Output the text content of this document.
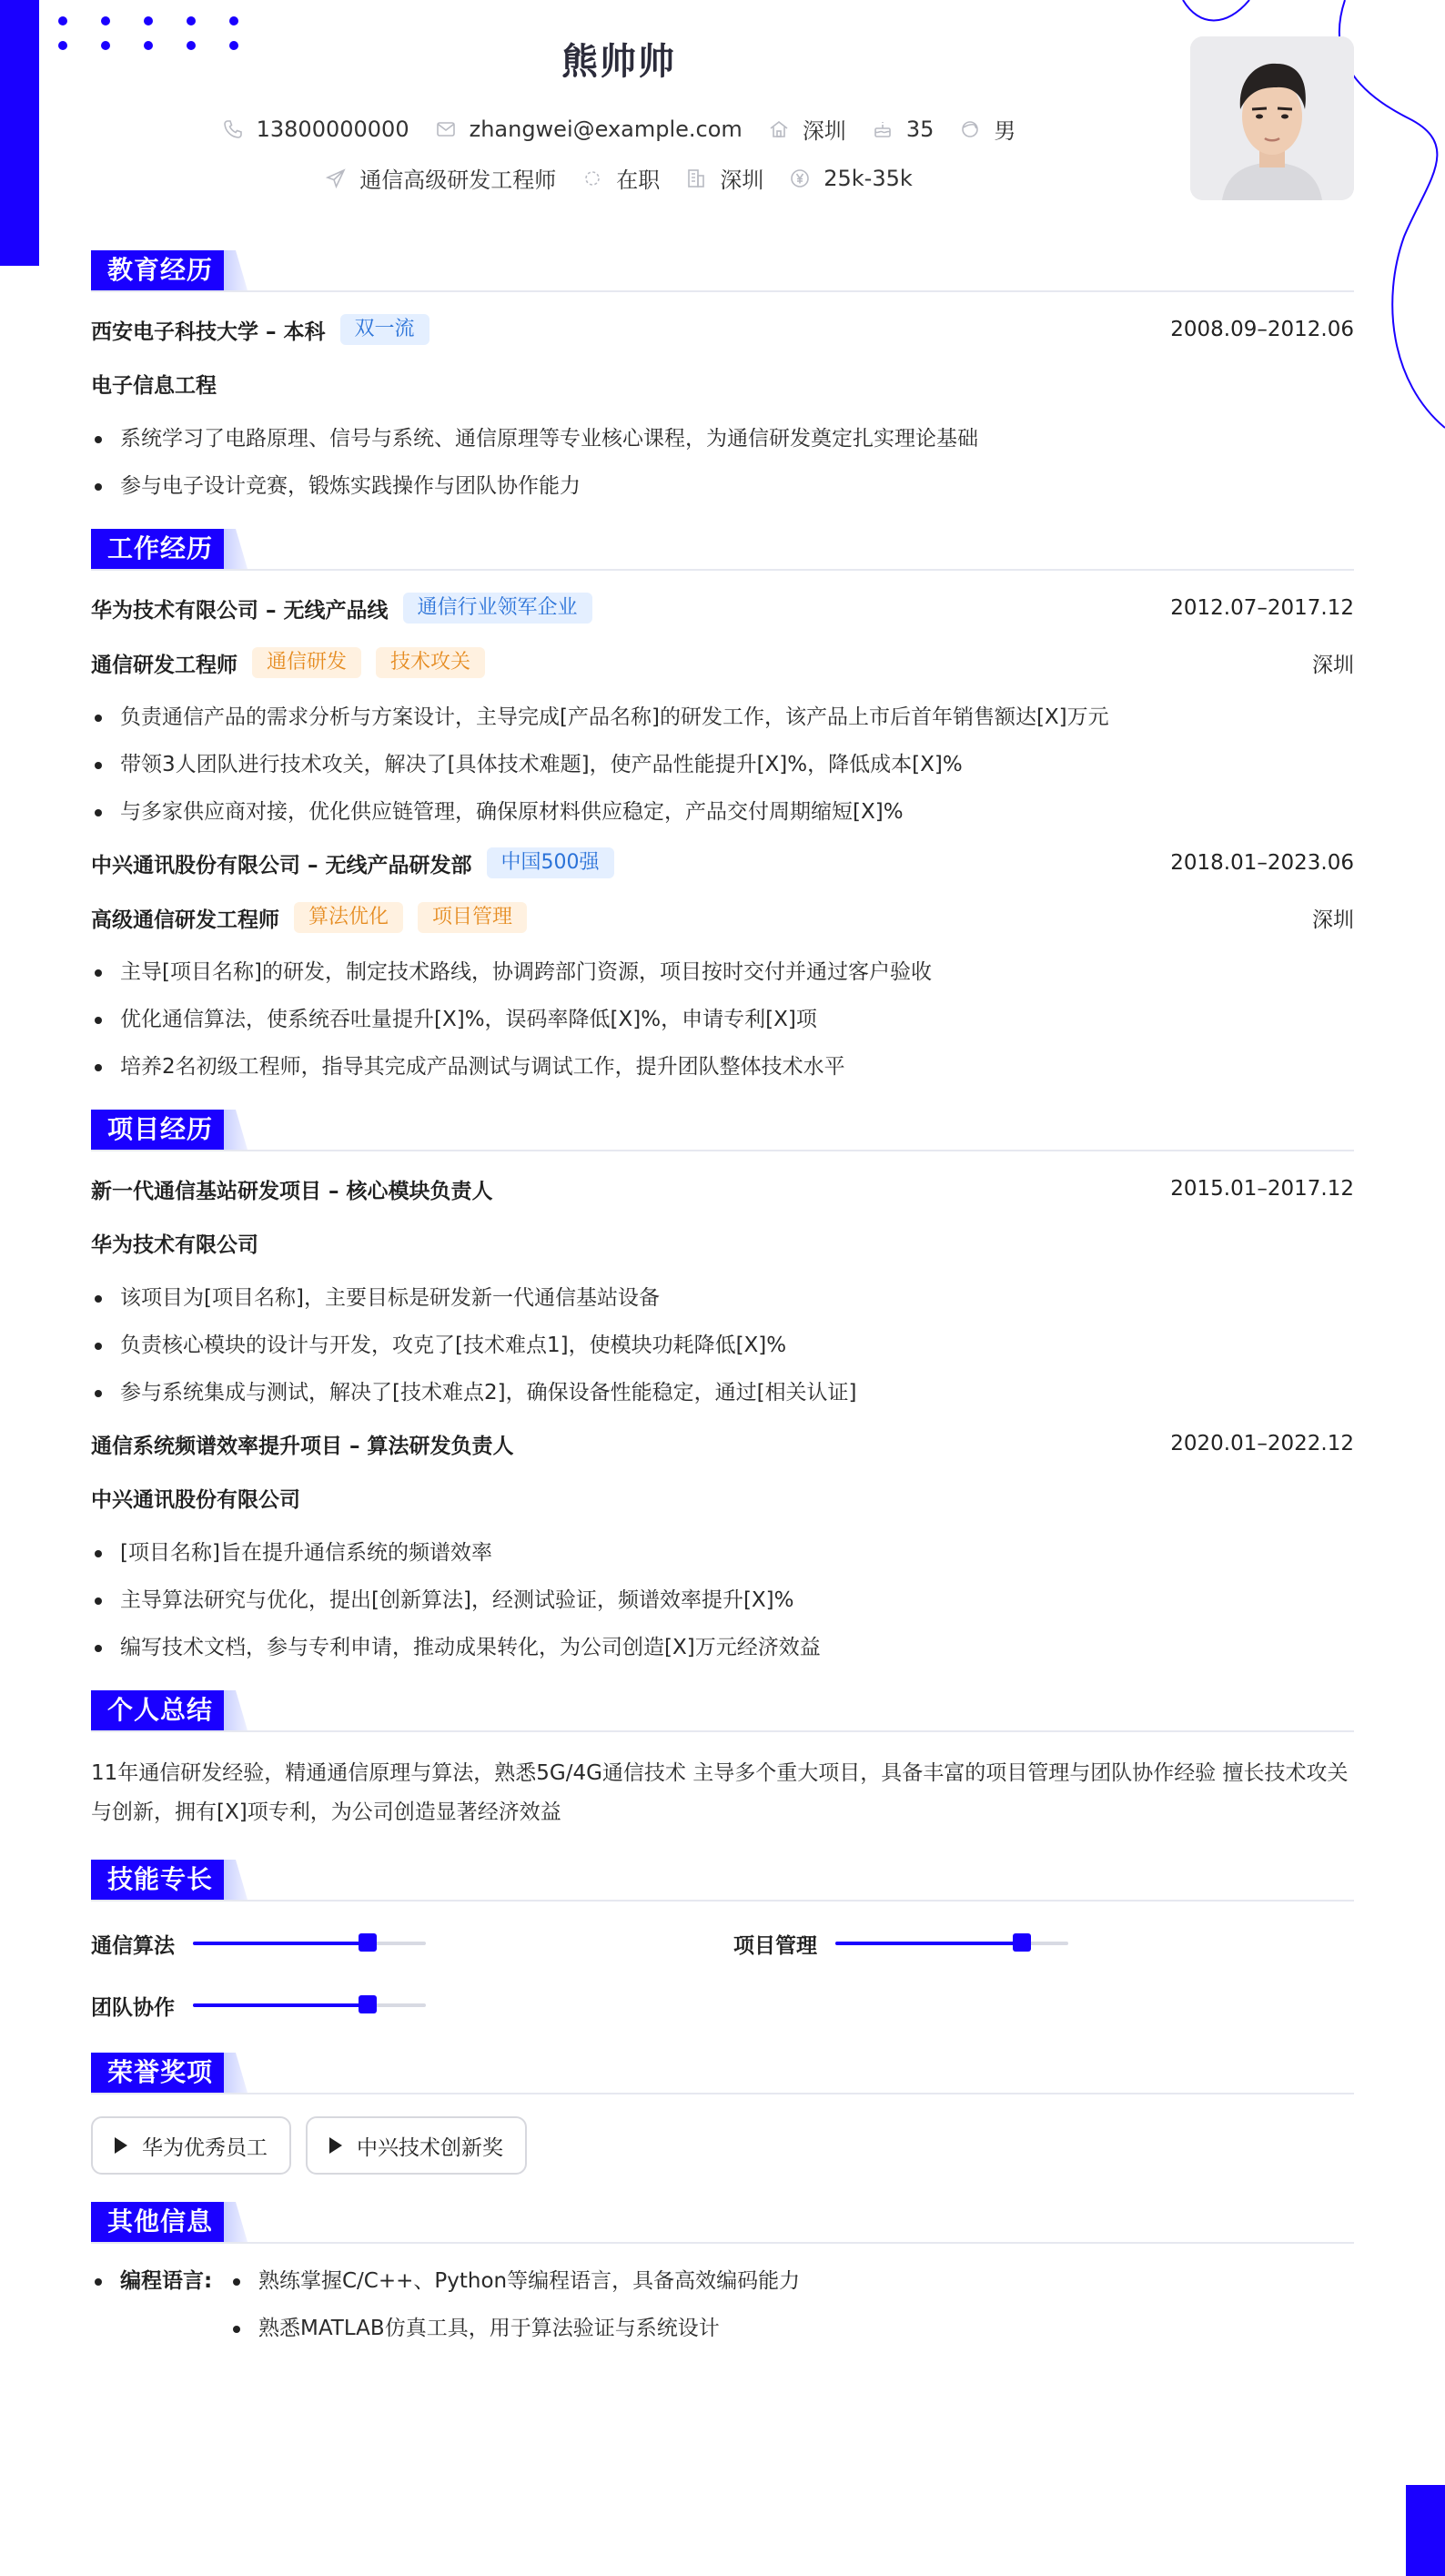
熊帅帅
13800000000	zhangwei@example.com	深圳	35	男
通信高级研发工程师	在职	深圳	25k-35k
教育经历
西安电子科技大学 – 本科	双一流	2008.09–2012.06
电子信息工程
系统学习了电路原理、信号与系统、通信原理等专业核心课程，为通信研发奠定扎实理论基础
参与电子设计竞赛，锻炼实践操作与团队协作能力
工作经历
华为技术有限公司 – 无线产品线	通信行业领军企业	2012.07–2017.12
通信研发工程师	通信研发	技术攻关	深圳
负责通信产品的需求分析与方案设计，主导完成[产品名称]的研发工作，该产品上市后首年销售额达[X]万元
带领3人团队进行技术攻关，解决了[具体技术难题]，使产品性能提升[X]%，降低成本[X]%
与多家供应商对接，优化供应链管理，确保原材料供应稳定，产品交付周期缩短[X]%
中兴通讯股份有限公司 – 无线产品研发部	中国500强	2018.01–2023.06
高级通信研发工程师	算法优化	项目管理	深圳
主导[项目名称]的研发，制定技术路线，协调跨部门资源，项目按时交付并通过客户验收
优化通信算法，使系统吞吐量提升[X]%，误码率降低[X]%，申请专利[X]项
培养2名初级工程师，指导其完成产品测试与调试工作，提升团队整体技术水平
项目经历
新一代通信基站研发项目 – 核心模块负责人	2015.01–2017.12
华为技术有限公司
该项目为[项目名称]，主要目标是研发新一代通信基站设备
负责核心模块的设计与开发，攻克了[技术难点1]，使模块功耗降低[X]%
参与系统集成与测试，解决了[技术难点2]，确保设备性能稳定，通过[相关认证]
通信系统频谱效率提升项目 – 算法研发负责人	2020.01–2022.12
中兴通讯股份有限公司
[项目名称]旨在提升通信系统的频谱效率
主导算法研究与优化，提出[创新算法]，经测试验证，频谱效率提升[X]%
编写技术文档，参与专利申请，推动成果转化，为公司创造[X]万元经济效益
个人总结
11年通信研发经验，精通通信原理与算法，熟悉5G/4G通信技术 主导多个重大项目，具备丰富的项目管理与团队协作经验 擅长技术攻关与创新，拥有[X]项专利，为公司创造显著经济效益
技能专长
通信算法	项目管理
团队协作
荣誉奖项
华为优秀员工	中兴技术创新奖
其他信息
编程语言:	熟练掌握C/C++、Python等编程语言，具备高效编码能力
熟悉MATLAB仿真工具，用于算法验证与系统设计
